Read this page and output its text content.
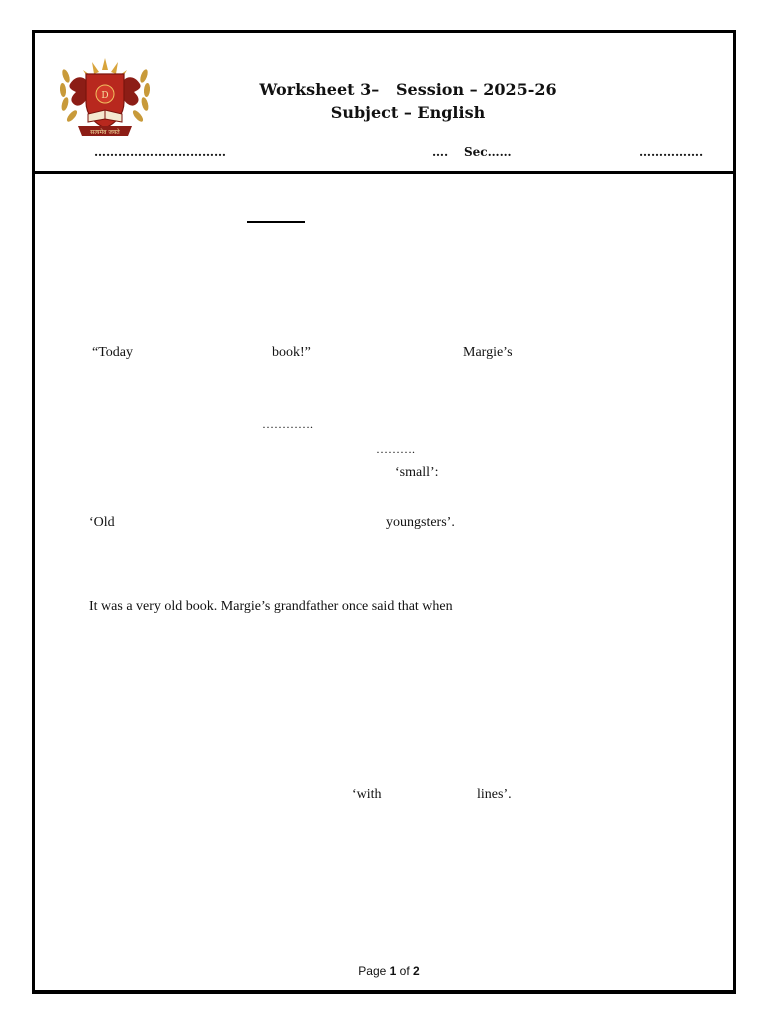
D
सत्यमेव जयते
Worksheet 3–   Session – 2025-26
Subject – English
……………………………	…. Sec……	…………….
“Today	book!”	Margie’s
………….
……….
‘small’:
‘Old	youngsters’.
It was a very old book. Margie’s grandfather once said that when
‘with	lines’.
Page 1 of 2
